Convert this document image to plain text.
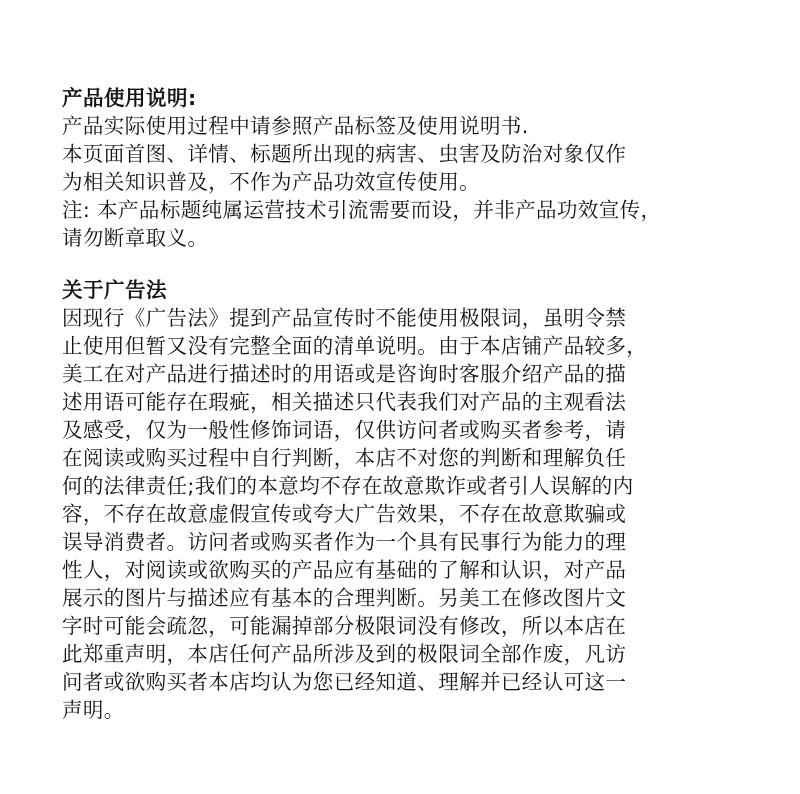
产品使用说明:

产品实际使用过程中请参照产品标签及使用说明书.

本页面首图、详情、标题所出现的病害、虫害及防治对象仅作

为相关知识普及，不作为产品功效宣传使用。

注: 本产品标题纯属运营技术引流需要而设，并非产品功效宣传，

请勿断章取义。

关于广告法

因现行《广告法》提到产品宣传时不能使用极限词，虽明令禁

止使用但暂又没有完整全面的清单说明。由于本店铺产品较多，

美工在对产品进行描述时的用语或是咨询时客服介绍产品的描

述用语可能存在瑕疵，相关描述只代表我们对产品的主观看法

及感受，仅为一般性修饰词语，仅供访问者或购买者参考，请

在阅读或购买过程中自行判断，本店不对您的判断和理解负任

何的法律责任;我们的本意均不存在故意欺诈或者引人误解的内

容，不存在故意虚假宣传或夸大广告效果，不存在故意欺骗或

误导消费者。访问者或购买者作为一个具有民事行为能力的理

性人，对阅读或欲购买的产品应有基础的了解和认识，对产品

展示的图片与描述应有基本的合理判断。另美工在修改图片文

字时可能会疏忽，可能漏掉部分极限词没有修改，所以本店在

此郑重声明，本店任何产品所涉及到的极限词全部作废，凡访

问者或欲购买者本店均认为您已经知道、理解并已经认可这一

声明。
